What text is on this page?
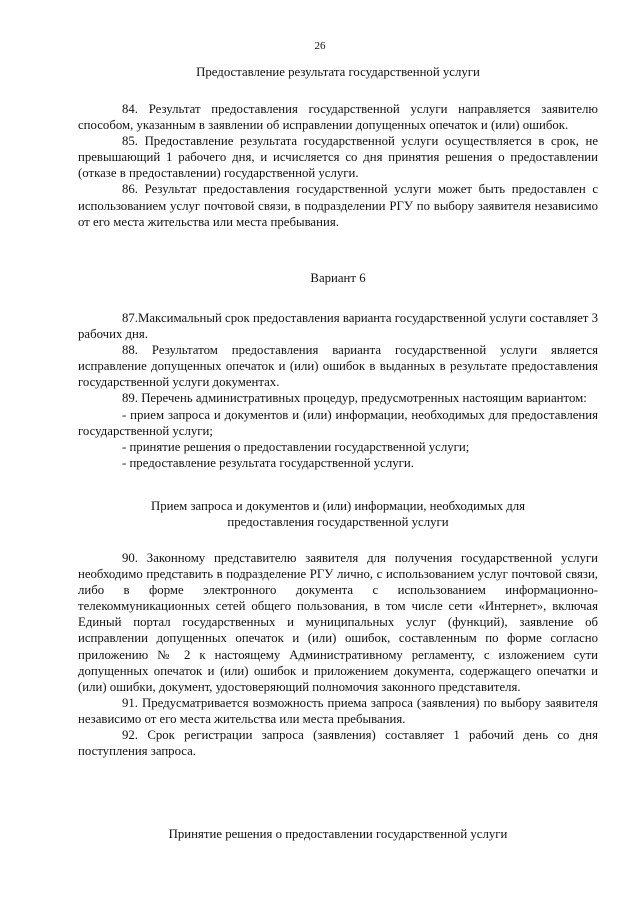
26
Предоставление результата государственной услуги

84. Результат предоставления государственной услуги направляется заявителю способом, указанным в заявлении об исправлении допущенных опечаток и (или) ошибок.

85. Предоставление результата государственной услуги осуществляется в срок, не превышающий 1 рабочего дня, и исчисляется со дня принятия решения о предоставлении (отказе в предоставлении) государственной услуги.

86. Результат предоставления государственной услуги может быть предоставлен с использованием услуг почтовой связи, в подразделении РГУ по выбору заявителя независимо от его места жительства или места пребывания.

Вариант 6

87.Максимальный срок предоставления варианта государственной услуги составляет 3 рабочих дня.

88. Результатом предоставления варианта государственной услуги является исправление допущенных опечаток и (или) ошибок в выданных в результате предоставления государственной услуги документах.

89. Перечень административных процедур, предусмотренных настоящим вариантом:

- прием запроса и документов и (или) информации, необходимых для предоставления государственной услуги;

- принятие решения о предоставлении государственной услуги;

- предоставление результата государственной услуги.

Прием запроса и документов и (или) информации, необходимых для
предоставления государственной услуги

90. Законному представителю заявителя для получения государственной услуги необходимо представить в подразделение РГУ лично, с использованием услуг почтовой связи, либо в форме электронного документа с использованием информационно-телекоммуникационных сетей общего пользования, в том числе сети «Интернет», включая Единый портал государственных и муниципальных услуг (функций), заявление об исправлении допущенных опечаток и (или) ошибок, составленным по форме согласно приложению № 2 к настоящему Административному регламенту, с изложением сути допущенных опечаток и (или) ошибок и приложением документа, содержащего опечатки и (или) ошибки, документ, удостоверяющий полномочия законного представителя.

91. Предусматривается возможность приема запроса (заявления) по выбору заявителя независимо от его места жительства или места пребывания.

92. Срок регистрации запроса (заявления) составляет 1 рабочий день со дня поступления запроса.

Принятие решения о предоставлении государственной услуги
